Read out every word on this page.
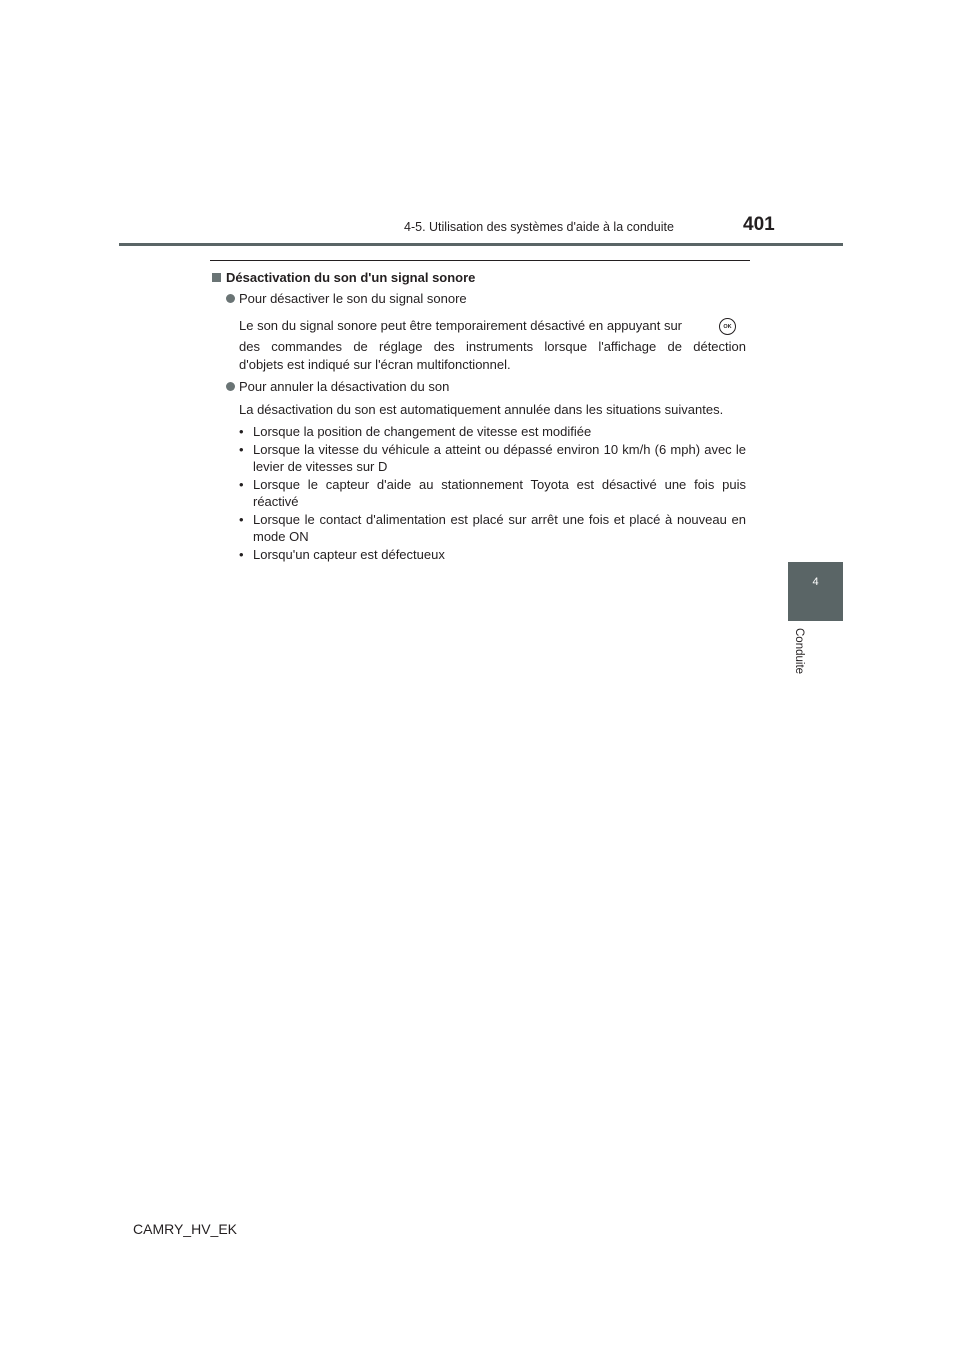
4-5. Utilisation des systèmes d'aide à la conduite	401
4
Conduite
Désactivation du son d'un signal sonore
Pour désactiver le son du signal sonore
Le son du signal sonore peut être temporairement désactivé en appuyant sur	OK
des commandes de réglage des instruments lorsque l'affichage de détection
d'objets est indiqué sur l'écran multifonctionnel.
Pour annuler la désactivation du son
La désactivation du son est automatiquement annulée dans les situations suivantes.
• Lorsque la position de changement de vitesse est modifiée
• Lorsque la vitesse du véhicule a atteint ou dépassé environ 10 km/h (6 mph) avec le levier de vitesses sur D
• Lorsque le capteur d'aide au stationnement Toyota est désactivé une fois puis réactivé
• Lorsque le contact d'alimentation est placé sur arrêt une fois et placé à nouveau en mode ON
• Lorsqu'un capteur est défectueux
CAMRY_HV_EK
